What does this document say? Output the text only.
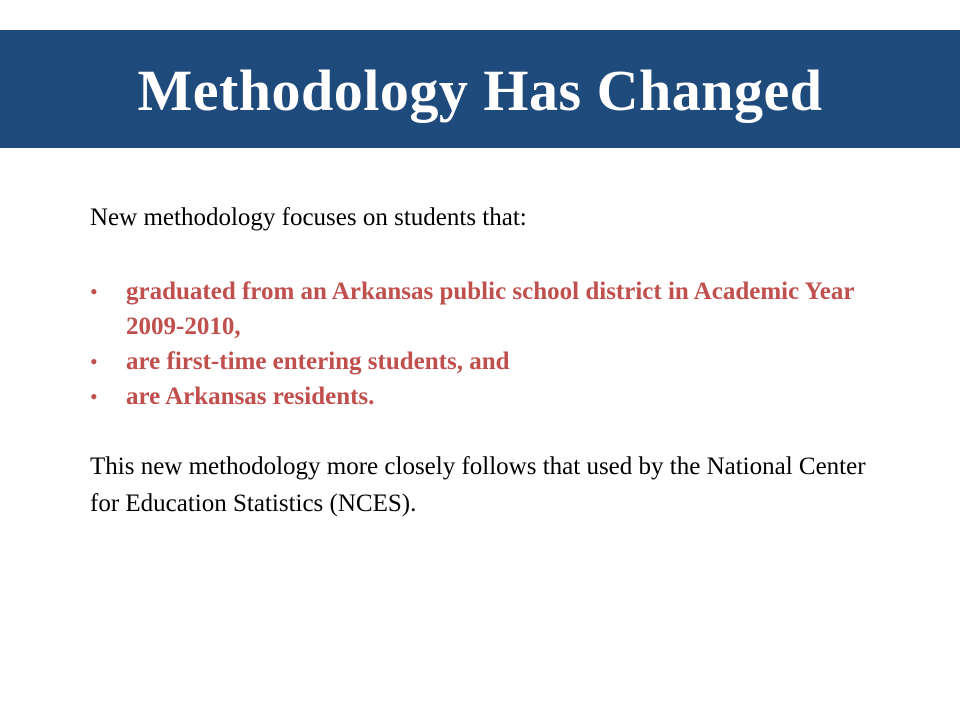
Methodology Has Changed

New methodology focuses on students that:

• graduated from an Arkansas public school district in Academic Year 2009-2010,
• are first-time entering students, and
• are Arkansas residents.

This new methodology more closely follows that used by the National Center for Education Statistics (NCES).
